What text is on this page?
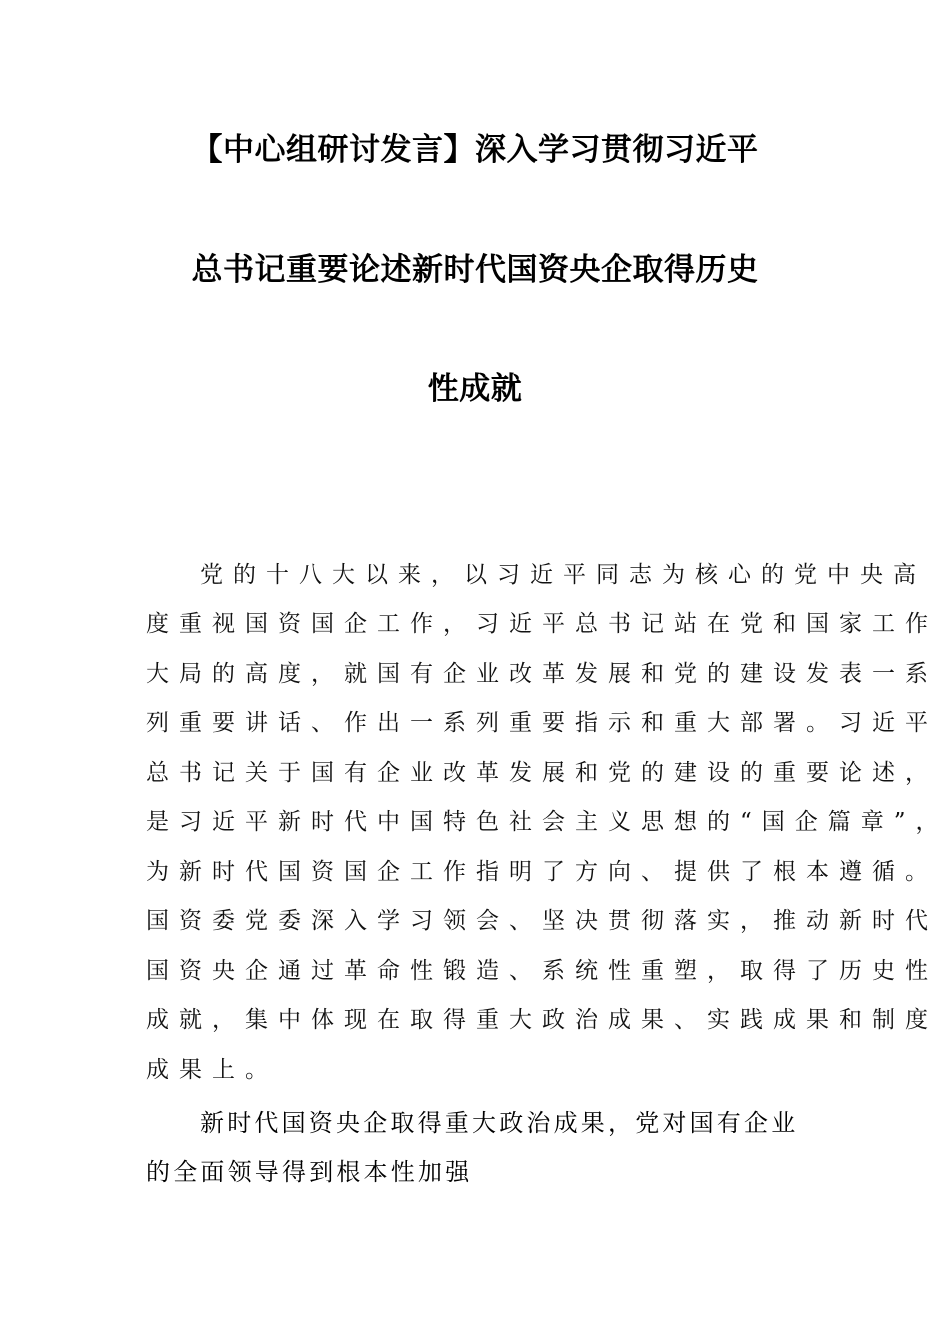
【中心组研讨发言】深入学习贯彻习近平
总书记重要论述新时代国资央企取得历史
性成就
党的十八大以来，以习近平同志为核心的党中央高
度重视国资国企工作，习近平总书记站在党和国家工作
大局的高度，就国有企业改革发展和党的建设发表一系
列重要讲话、作出一系列重要指示和重大部署。习近平
总书记关于国有企业改革发展和党的建设的重要论述，
是习近平新时代中国特色社会主义思想的“国企篇章”，
为新时代国资国企工作指明了方向、提供了根本遵循。
国资委党委深入学习领会、坚决贯彻落实，推动新时代
国资央企通过革命性锻造、系统性重塑，取得了历史性
成就，集中体现在取得重大政治成果、实践成果和制度
成果上。
新时代国资央企取得重大政治成果，党对国有企业
的全面领导得到根本性加强
